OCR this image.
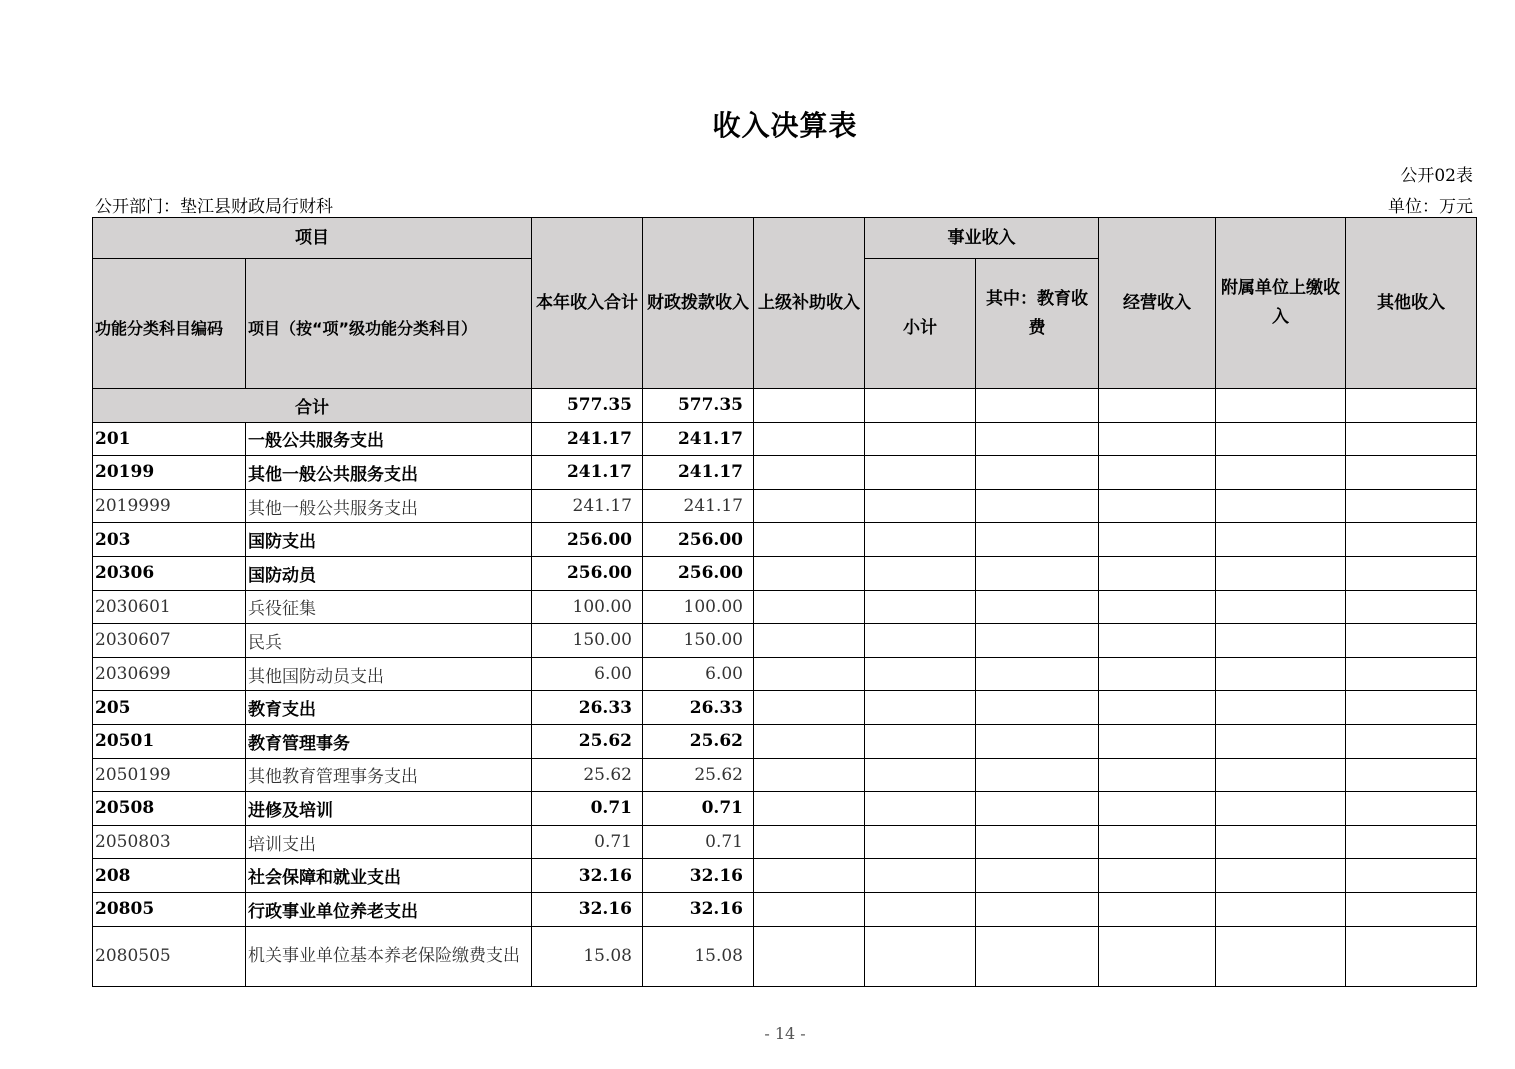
收入决算表
公开02表
公开部门：垫江县财政局行财科	单位：万元
项目		本年收入合计	财政拨款收入	上级补助收入	事业收入		经营收入	附属单位上缴收入	其他收入
功能分类科目编码	项目（按“项”级功能分类科目）				小计	其中：教育收费			
合计		577.35	577.35						
201	一般公共服务支出	241.17	241.17						
20199	其他一般公共服务支出	241.17	241.17						
2019999	其他一般公共服务支出	241.17	241.17						
203	国防支出	256.00	256.00						
20306	国防动员	256.00	256.00						
2030601	兵役征集	100.00	100.00						
2030607	民兵	150.00	150.00						
2030699	其他国防动员支出	6.00	6.00						
205	教育支出	26.33	26.33						
20501	教育管理事务	25.62	25.62						
2050199	其他教育管理事务支出	25.62	25.62						
20508	进修及培训	0.71	0.71						
2050803	培训支出	0.71	0.71						
208	社会保障和就业支出	32.16	32.16						
20805	行政事业单位养老支出	32.16	32.16						
2080505	机关事业单位基本养老保险缴费支出	15.08	15.08						
- 14 -
